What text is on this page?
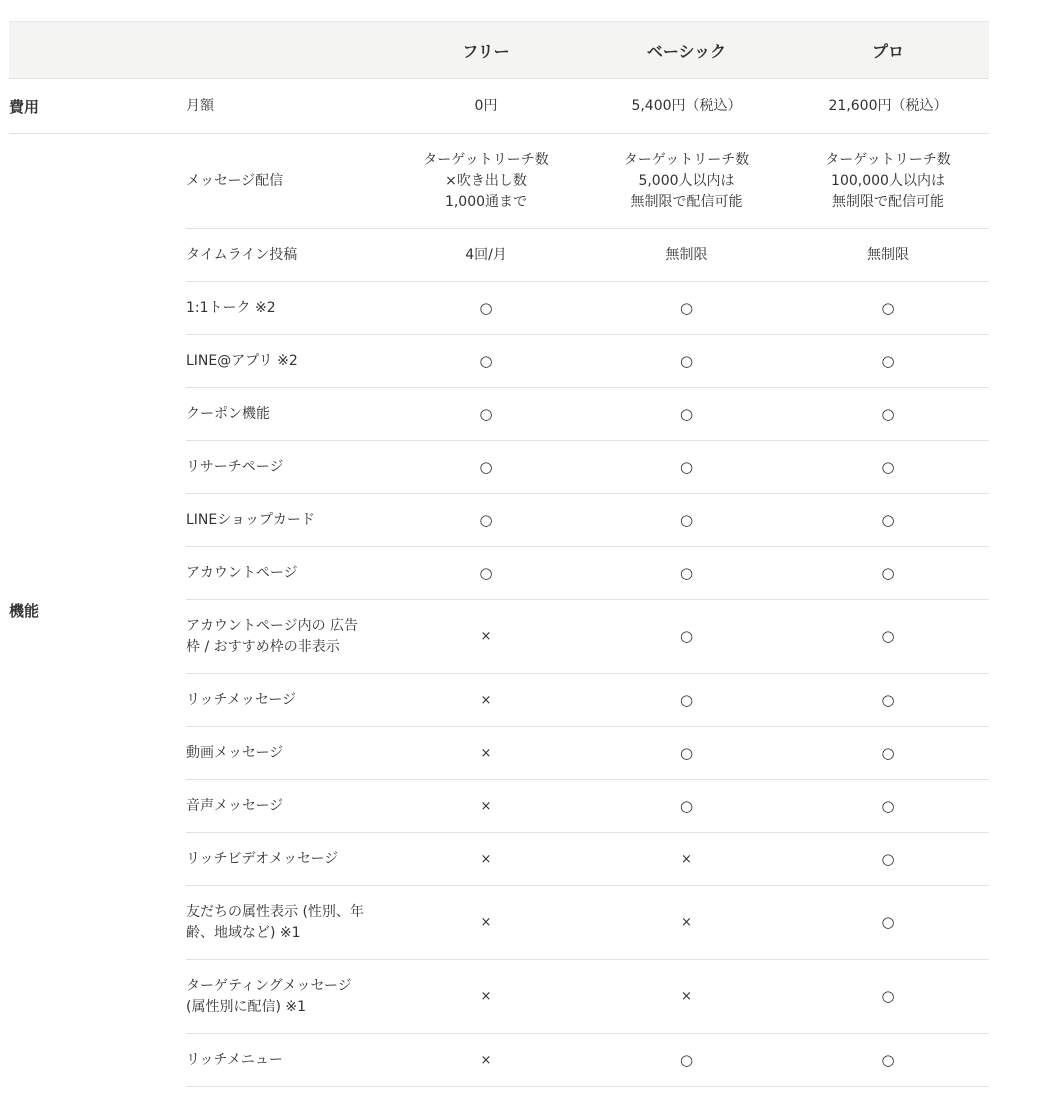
		フリー	ベーシック	プロ
費用	月額	0円	5,400円（税込）	21,600円（税込）

機能	メッセージ配信	ターゲットリーチ数
×吹き出し数
1,000通まで	ターゲットリーチ数
5,000人以内は
無制限で配信可能	ターゲットリーチ数
100,000人以内は
無制限で配信可能

	タイムライン投稿	4回/月	無制限	無制限

	1:1トーク ※2	○	○	○

	LINE@アプリ ※2	○	○	○

	クーポン機能	○	○	○

	リサーチページ	○	○	○

	LINEショップカード	○	○	○

	アカウントページ	○	○	○

	アカウントページ内の 広告
枠 / おすすめ枠の非表示	×	○	○

	リッチメッセージ	×	○	○

	動画メッセージ	×	○	○

	音声メッセージ	×	○	○

	リッチビデオメッセージ	×	×	○

	友だちの属性表示 (性別、年
齢、地域など) ※1	×	×	○

	ターゲティングメッセージ
(属性別に配信) ※1	×	×	○

	リッチメニュー	×	○	○
